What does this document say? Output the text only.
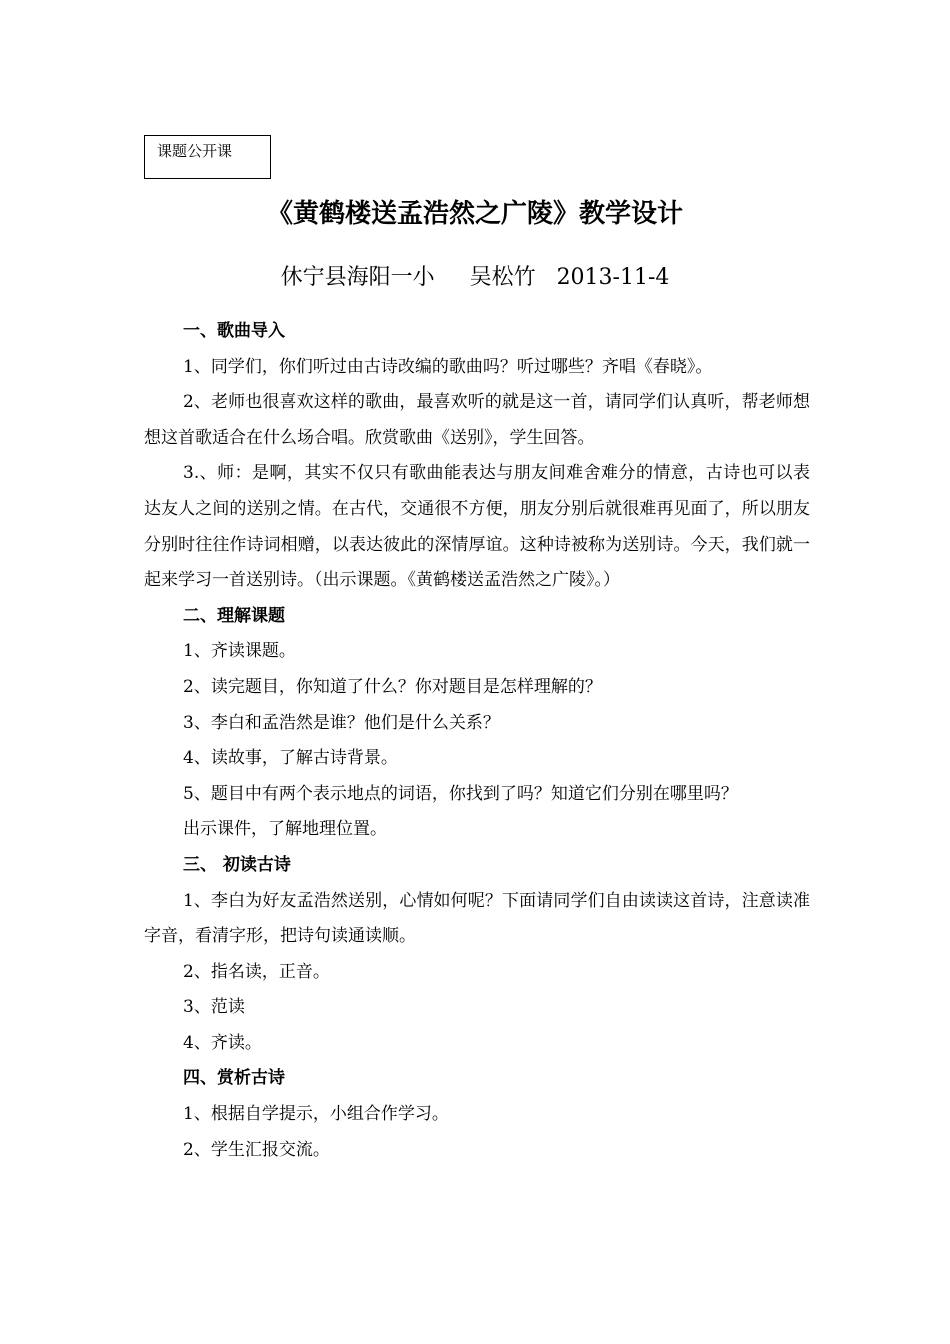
课题公开课
《黄鹤楼送孟浩然之广陵》教学设计
休宁县海阳一小 吴松竹 2013-11-4

一、歌曲导入

1、同学们，你们听过由古诗改编的歌曲吗？听过哪些？齐唱《春晓》。

2、老师也很喜欢这样的歌曲，最喜欢听的就是这一首，请同学们认真听，帮老师想想这首歌适合在什么场合唱。欣赏歌曲《送别》，学生回答。

3.、师：是啊，其实不仅只有歌曲能表达与朋友间难舍难分的情意，古诗也可以表达友人之间的送别之情。在古代，交通很不方便，朋友分别后就很难再见面了，所以朋友分别时往往作诗词相赠，以表达彼此的深情厚谊。这种诗被称为送别诗。今天，我们就一起来学习一首送别诗。（出示课题。《黄鹤楼送孟浩然之广陵》。）

二、理解课题

1、齐读课题。

2、读完题目，你知道了什么？你对题目是怎样理解的？

3、李白和孟浩然是谁？他们是什么关系？

4、读故事，了解古诗背景。

5、题目中有两个表示地点的词语，你找到了吗？知道它们分别在哪里吗？

出示课件，了解地理位置。

三、 初读古诗

1、李白为好友孟浩然送别，心情如何呢？下面请同学们自由读读这首诗，注意读准字音，看清字形，把诗句读通读顺。

2、指名读，正音。

3、范读

4、齐读。

四、赏析古诗

1、根据自学提示，小组合作学习。

2、学生汇报交流。
